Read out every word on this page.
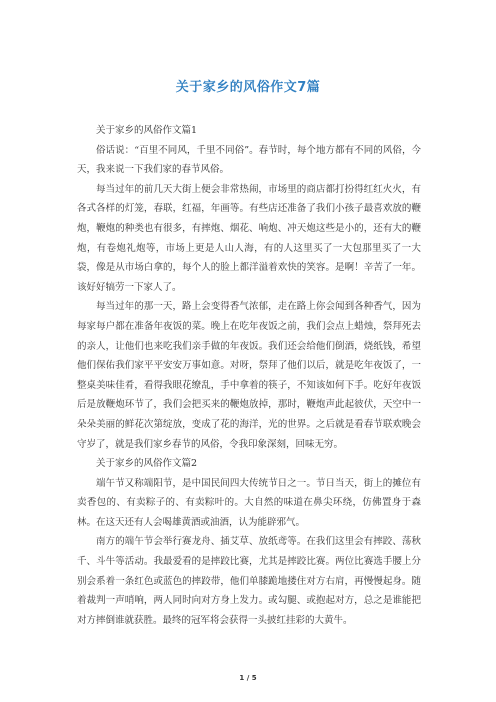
关于家乡的风俗作文7篇

关于家乡的风俗作文篇1

俗话说：“百里不同风，千里不同俗”。春节时，每个地方都有不同的风俗，今天，我来说一下我们家的春节风俗。

每当过年的前几天大街上便会非常热闹，市场里的商店都打扮得红红火火，有各式各样的灯笼，春联，红福，年画等。有些店还准备了我们小孩子最喜欢放的鞭炮，鞭炮的种类也有很多，有摔炮、烟花、响炮、冲天炮这些是小的，还有大的鞭炮，有卷炮礼炮等，市场上更是人山人海，有的人这里买了一大包那里买了一大袋，像是从市场白拿的，每个人的脸上都洋溢着欢快的笑容。是啊！辛苦了一年。该好好犒劳一下家人了。

每当过年的那一天，路上会变得香气浓郁，走在路上你会闻到各种香气，因为每家每户都在准备年夜饭的菜。晚上在吃年夜饭之前，我们会点上蜡烛，祭拜死去的亲人，让他们也来吃我们亲手做的年夜饭。我们还会给他们倒酒，烧纸钱，希望他们保佑我们家平平安安万事如意。对呀，祭拜了他们以后，就是吃年夜饭了，一整桌美味佳肴，看得我眼花缭乱，手中拿着的筷子，不知该如何下手。吃好年夜饭后是放鞭炮环节了，我们会把买来的鞭炮放掉，那时，鞭炮声此起彼伏，天空中一朵朵美丽的鲜花次第绽放，变成了花的海洋，光的世界。之后就是看春节联欢晚会守岁了，就是我们家乡春节的风俗，令我印象深刻，回味无穷。

关于家乡的风俗作文篇2

端午节又称端阳节，是中国民间四大传统节日之一。节日当天，街上的摊位有卖香包的、有卖粽子的、有卖粽叶的。大自然的味道在鼻尖环绕，仿佛置身于森林。在这天还有人会喝雄黄酒或油酒，认为能辟邪气。

南方的端午节会举行赛龙舟、插艾草、放纸鸢等。在我们这里会有摔跤、荡秋千、斗牛等活动。我最爱看的是摔跤比赛，尤其是摔跤比赛。两位比赛选手腰上分别会系着一条红色或蓝色的摔跤带，他们单膝跪地搂住对方右肩，再慢慢起身。随着裁判一声哨响，两人同时向对方身上发力。或勾腿、或抱起对方，总之是谁能把对方摔倒谁就获胜。最终的冠军将会获得一头披红挂彩的大黄牛。

1 / 5
